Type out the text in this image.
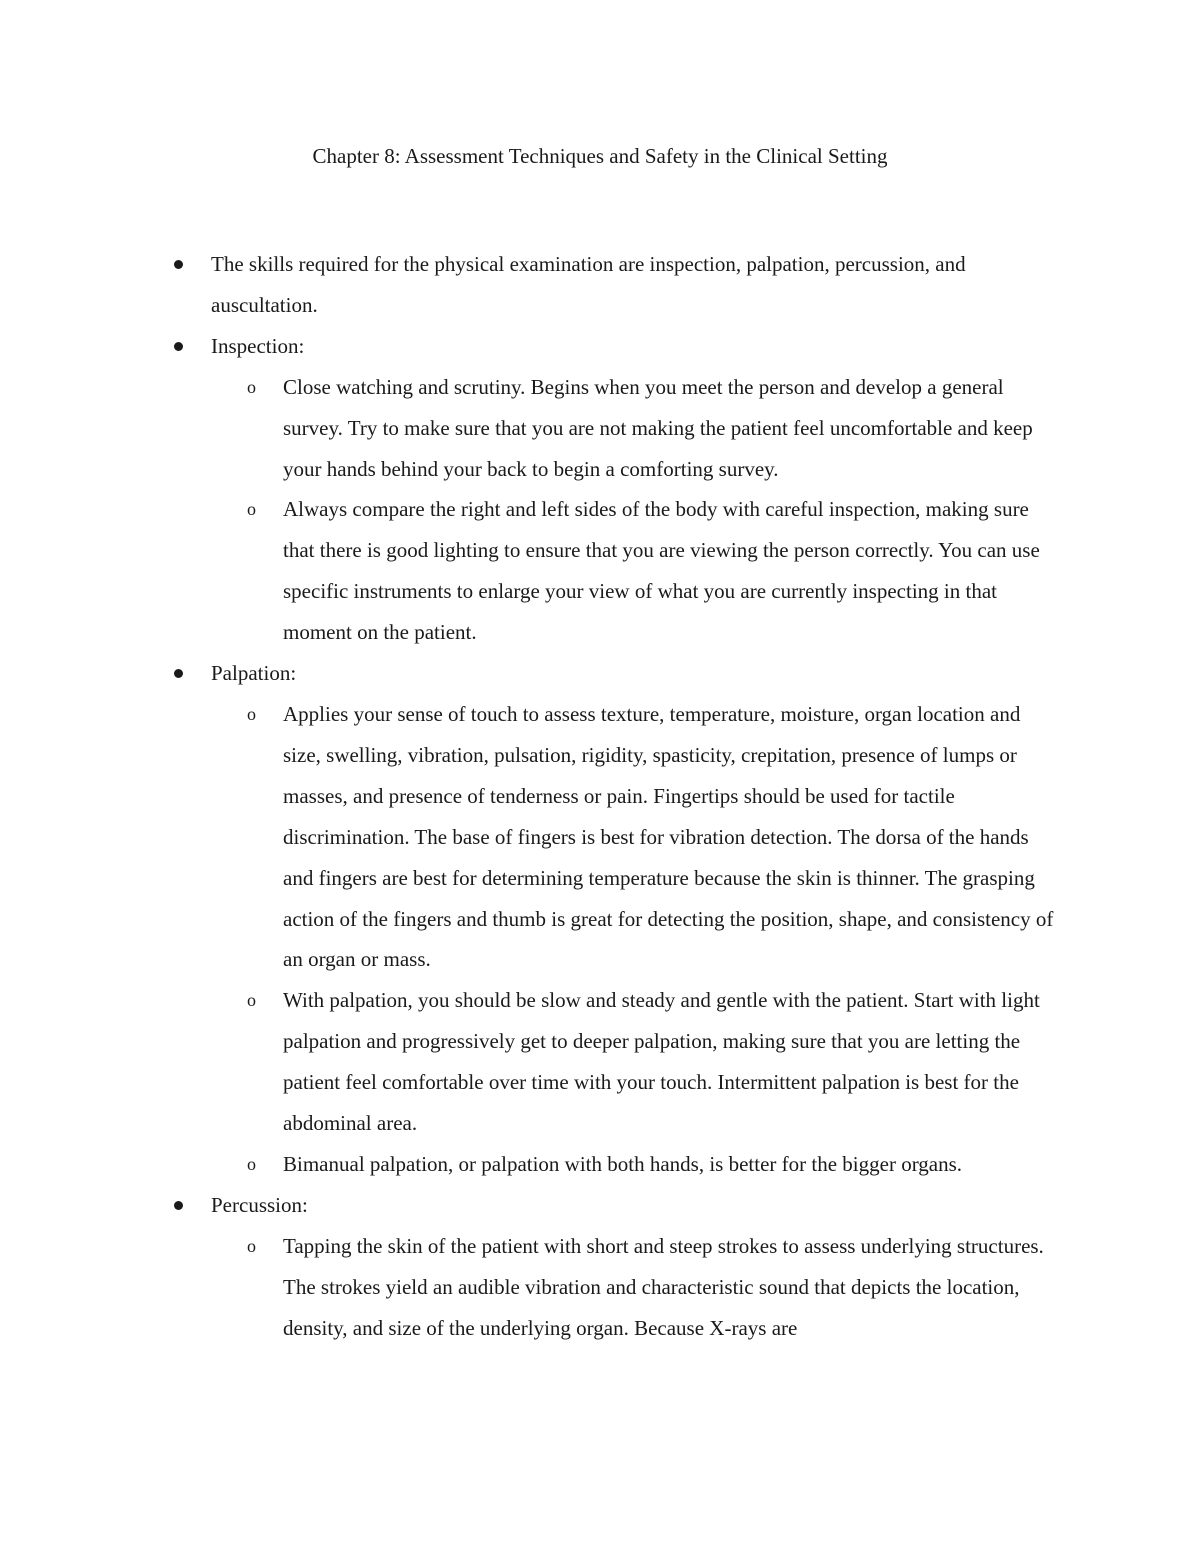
Chapter 8: Assessment Techniques and Safety in the Clinical Setting
The skills required for the physical examination are inspection, palpation, percussion, and auscultation.
Inspection:
o Close watching and scrutiny. Begins when you meet the person and develop a general survey. Try to make sure that you are not making the patient feel uncomfortable and keep your hands behind your back to begin a comforting survey.
o Always compare the right and left sides of the body with careful inspection, making sure that there is good lighting to ensure that you are viewing the person correctly. You can use specific instruments to enlarge your view of what you are currently inspecting in that moment on the patient.
Palpation:
o Applies your sense of touch to assess texture, temperature, moisture, organ location and size, swelling, vibration, pulsation, rigidity, spasticity, crepitation, presence of lumps or masses, and presence of tenderness or pain. Fingertips should be used for tactile discrimination. The base of fingers is best for vibration detection. The dorsa of the hands and fingers are best for determining temperature because the skin is thinner. The grasping action of the fingers and thumb is great for detecting the position, shape, and consistency of an organ or mass.
o With palpation, you should be slow and steady and gentle with the patient. Start with light palpation and progressively get to deeper palpation, making sure that you are letting the patient feel comfortable over time with your touch. Intermittent palpation is best for the abdominal area.
o Bimanual palpation, or palpation with both hands, is better for the bigger organs.
Percussion:
o Tapping the skin of the patient with short and steep strokes to assess underlying structures. The strokes yield an audible vibration and characteristic sound that depicts the location, density, and size of the underlying organ. Because X-rays are
